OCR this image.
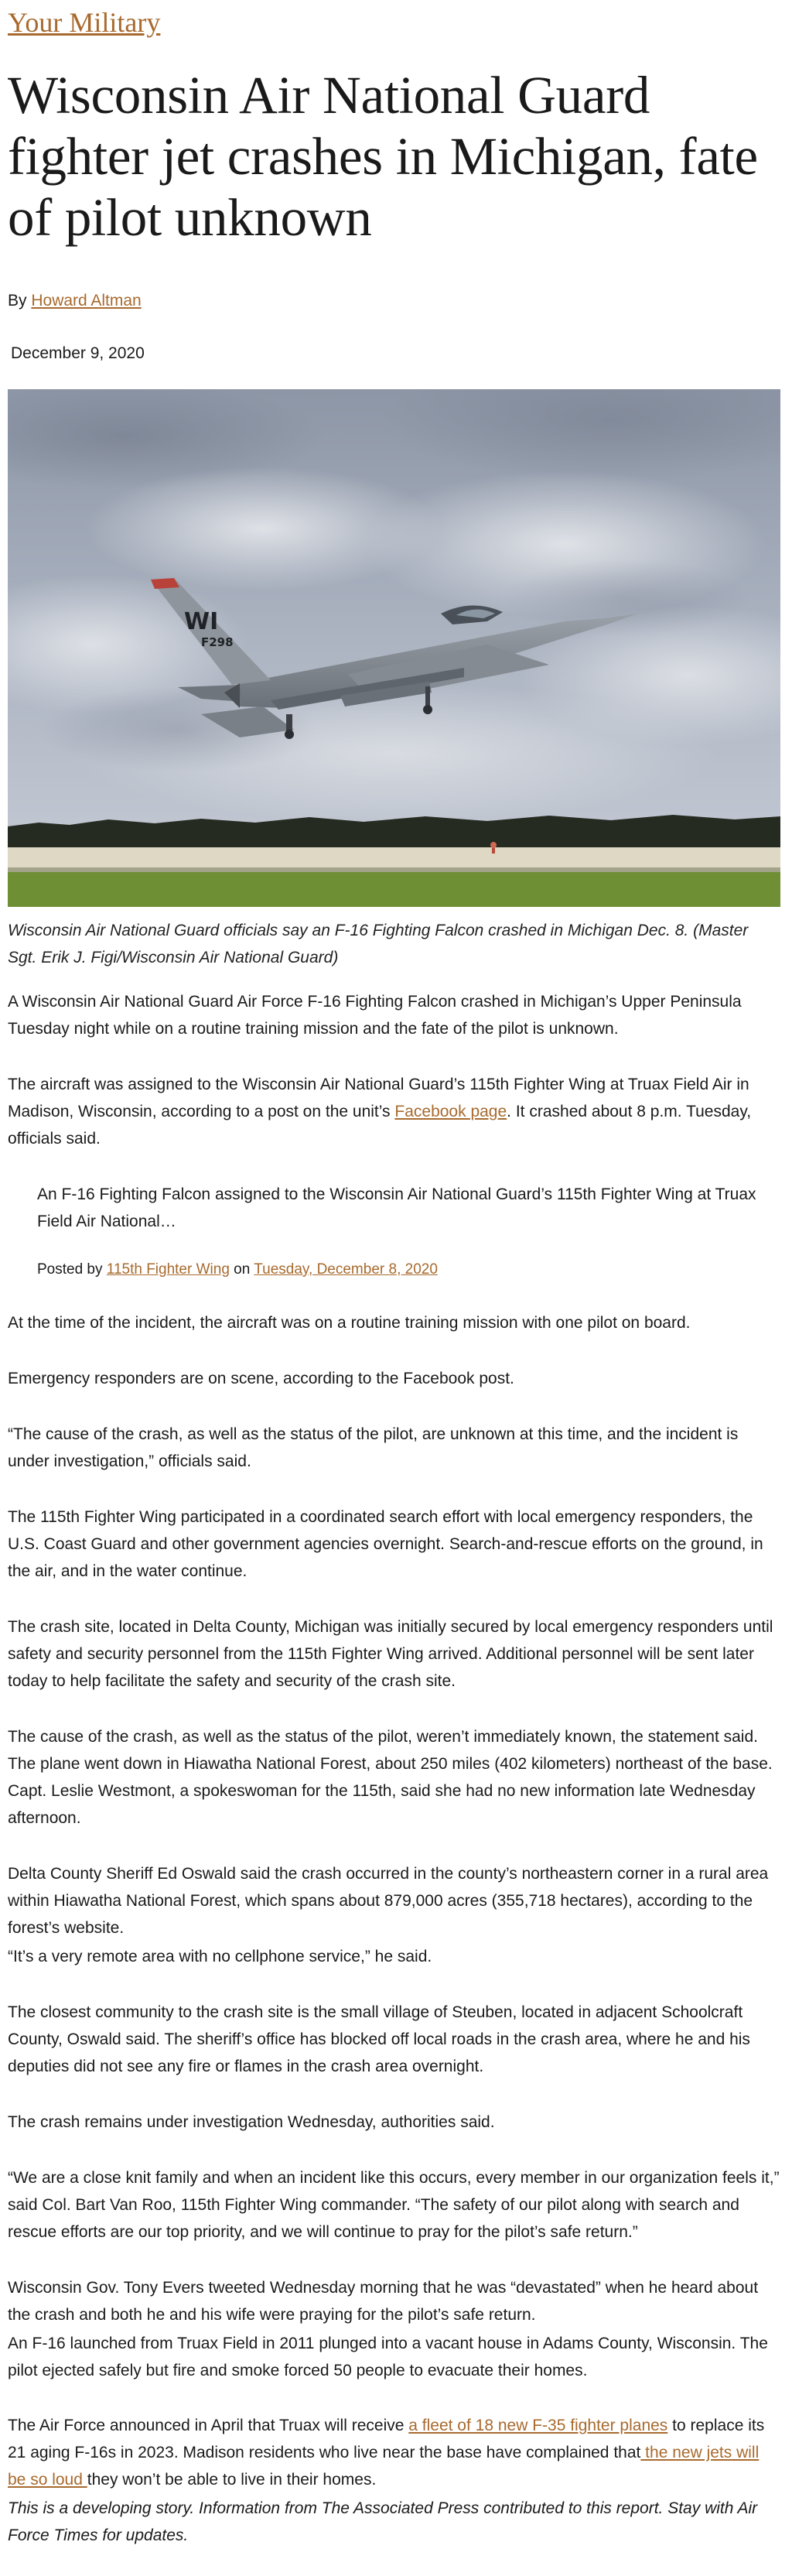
Your Military
Wisconsin Air National Guard fighter jet crashes in Michigan, fate of pilot unknown
By Howard Altman
December 9, 2020
WI
F298
Wisconsin Air National Guard officials say an F-16 Fighting Falcon crashed in Michigan Dec. 8. (Master Sgt. Erik J. Figi/Wisconsin Air National Guard)

A Wisconsin Air National Guard Air Force F-16 Fighting Falcon crashed in Michigan’s Upper Peninsula Tuesday night while on a routine training mission and the fate of the pilot is unknown.

The aircraft was assigned to the Wisconsin Air National Guard’s 115th Fighter Wing at Truax Field Air in Madison, Wisconsin, according to a post on the unit’s Facebook page. It crashed about 8 p.m. Tuesday, officials said.

An F-16 Fighting Falcon assigned to the Wisconsin Air National Guard’s 115th Fighter Wing at Truax Field Air National…

Posted by 115th Fighter Wing on Tuesday, December 8, 2020

At the time of the incident, the aircraft was on a routine training mission with one pilot on board.

Emergency responders are on scene, according to the Facebook post.

“The cause of the crash, as well as the status of the pilot, are unknown at this time, and the incident is under investigation,” officials said.

The 115th Fighter Wing participated in a coordinated search effort with local emergency responders, the U.S. Coast Guard and other government agencies overnight. Search-and-rescue efforts on the ground, in the air, and in the water continue.

The crash site, located in Delta County, Michigan was initially secured by local emergency responders until safety and security personnel from the 115th Fighter Wing arrived. Additional personnel will be sent later today to help facilitate the safety and security of the crash site.

The cause of the crash, as well as the status of the pilot, weren’t immediately known, the statement said. The plane went down in Hiawatha National Forest, about 250 miles (402 kilometers) northeast of the base. Capt. Leslie Westmont, a spokeswoman for the 115th, said she had no new information late Wednesday afternoon.

Delta County Sheriff Ed Oswald said the crash occurred in the county’s northeastern corner in a rural area within Hiawatha National Forest, which spans about 879,000 acres (355,718 hectares), according to the forest’s website.

“It’s a very remote area with no cellphone service,” he said.

The closest community to the crash site is the small village of Steuben, located in adjacent Schoolcraft County, Oswald said. The sheriff’s office has blocked off local roads in the crash area, where he and his deputies did not see any fire or flames in the crash area overnight.

The crash remains under investigation Wednesday, authorities said.

“We are a close knit family and when an incident like this occurs, every member in our organization feels it,” said Col. Bart Van Roo, 115th Fighter Wing commander. “The safety of our pilot along with search and rescue efforts are our top priority, and we will continue to pray for the pilot’s safe return.”

Wisconsin Gov. Tony Evers tweeted Wednesday morning that he was “devastated” when he heard about the crash and both he and his wife were praying for the pilot’s safe return.

An F-16 launched from Truax Field in 2011 plunged into a vacant house in Adams County, Wisconsin. The pilot ejected safely but fire and smoke forced 50 people to evacuate their homes.

The Air Force announced in April that Truax will receive a fleet of 18 new F-35 fighter planes to replace its 21 aging F-16s in 2023. Madison residents who live near the base have complained that the new jets will be so loud they won’t be able to live in their homes.

This is a developing story. Information from The Associated Press contributed to this report. Stay with Air Force Times for updates.
